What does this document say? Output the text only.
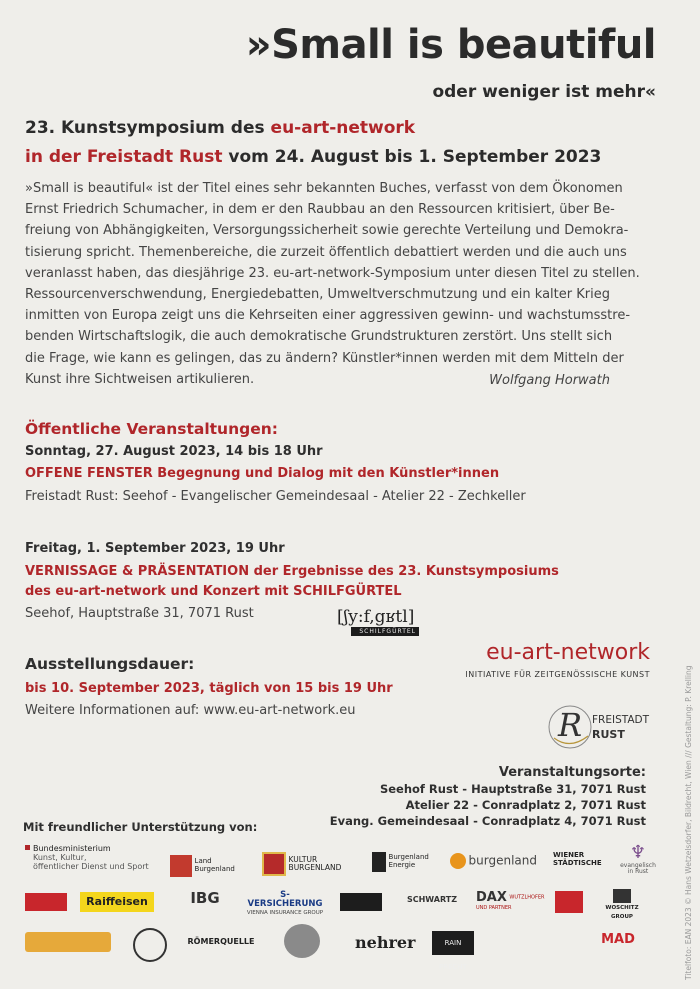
»Small is beautiful
oder weniger ist mehr«
23. Kunstsymposium des eu-art-network
in der Freistadt Rust vom 24. August bis 1. September 2023
»Small is beautiful« ist der Titel eines sehr bekannten Buches, verfasst von dem Ökonomen
Ernst Friedrich Schumacher, in dem er den Raubbau an den Ressourcen kritisiert, über Be-
freiung von Abhängigkeiten, Versorgungssicherheit sowie gerechte Verteilung und Demokra-
tisierung spricht. Themenbereiche, die zurzeit öffentlich debattiert werden und die auch uns
veranlasst haben, das diesjährige 23. eu-art-network-Symposium unter diesen Titel zu stellen.
Ressourcenverschwendung, Energiedebatten, Umweltverschmutzung und ein kalter Krieg
inmitten von Europa zeigt uns die Kehrseiten einer aggressiven gewinn- und wachstumsstre-
benden Wirtschaftslogik, die auch demokratische Grundstrukturen zerstört. Uns stellt sich
die Frage, wie kann es gelingen, das zu ändern? Künstler*innen werden mit dem Mitteln der
Kunst ihre Sichtweisen artikulieren.	Wolfgang Horwath
Öffentliche Veranstaltungen:
Sonntag, 27. August 2023, 14 bis 18 Uhr
OFFENE FENSTER Begegnung und Dialog mit den Künstler*innen
Freistadt Rust: Seehof - Evangelischer Gemeindesaal - Atelier 22 - Zechkeller
Freitag, 1. September 2023, 19 Uhr
VERNISSAGE & PRÄSENTATION der Ergebnisse des 23. Kunstsymposiums
des eu-art-network und Konzert mit SCHILFGÜRTEL
Seehof, Hauptstraße 31, 7071 Rust	[ʃy:f,gʁtl]
SCHILFGÜRTEL
Ausstellungsdauer:
bis 10. September 2023, täglich von 15 bis 19 Uhr
Weitere Informationen auf: www.eu-art-network.eu
eu-art-network
INITIATIVE FÜR ZEITGENÖSSISCHE KUNST
R FREISTADT
RUST
Veranstaltungsorte:
Seehof Rust - Hauptstraße 31, 7071 Rust
Atelier 22 - Conradplatz 2, 7071 Rust
Evang. Gemeindesaal - Conradplatz 4, 7071 Rust
Mit freundlicher Unterstützung von:
Bundesministerium
Kunst, Kultur,
öffentlicher Dienst und Sport
Land
Burgenland
KULTUR
BURGENLAND
Burgenland
Energie	burgenland	WIENER
STÄDTISCHE	♆
evangelisch
in Rust
Raiffeisen	IBG	S-VERSICHERUNG
VIENNA INSURANCE GROUP
SCHWARTZ	DAX WUTZLHOFER UND PARTNER	WOSCHITZ GROUP
RÖMERQUELLE	nehrer	RAIN PRECHT
MAD	Titelfoto: EAN 2023 © Hans Wetzelsdorfer, Bildrecht, Wien /// Gestaltung: P. Krelling
